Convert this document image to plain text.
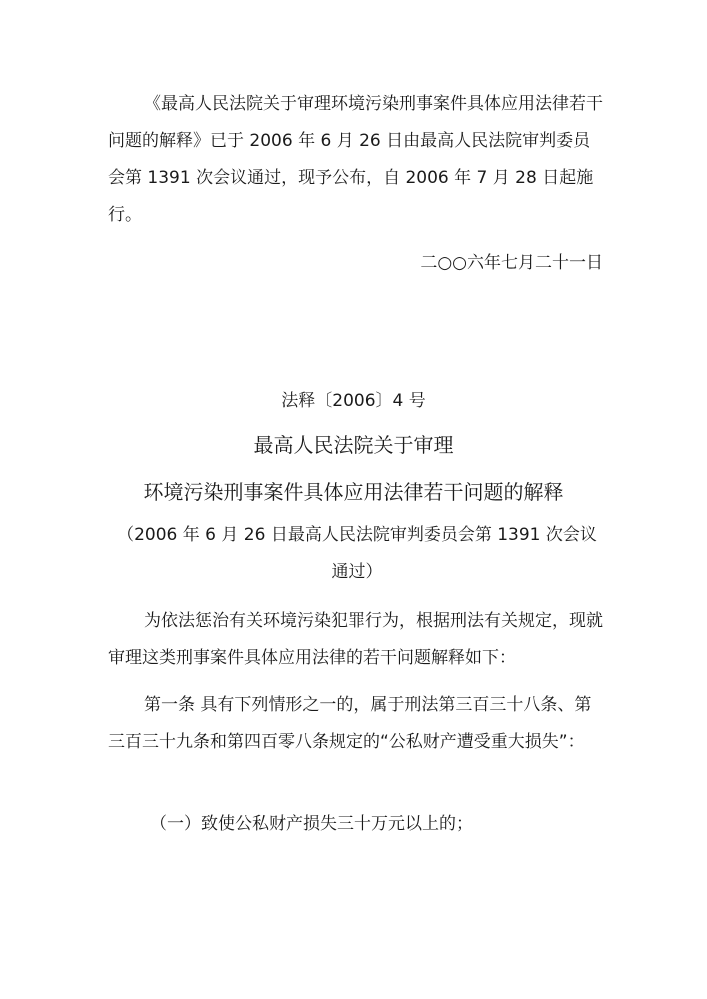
《最高人民法院关于审理环境污染刑事案件具体应用法律若干问题的解释》已于 2006 年 6 月 26 日由最高人民法院审判委员会第 1391 次会议通过，现予公布，自 2006 年 7 月 28 日起施行。

二○○六年七月二十一日
法释〔2006〕4 号
最高人民法院关于审理
环境污染刑事案件具体应用法律若干问题的解释
（2006 年 6 月 26 日最高人民法院审判委员会第 1391 次会议通过）

为依法惩治有关环境污染犯罪行为，根据刑法有关规定，现就审理这类刑事案件具体应用法律的若干问题解释如下：

第一条 具有下列情形之一的，属于刑法第三百三十八条、第三百三十九条和第四百零八条规定的“公私财产遭受重大损失”：

（一）致使公私财产损失三十万元以上的；
